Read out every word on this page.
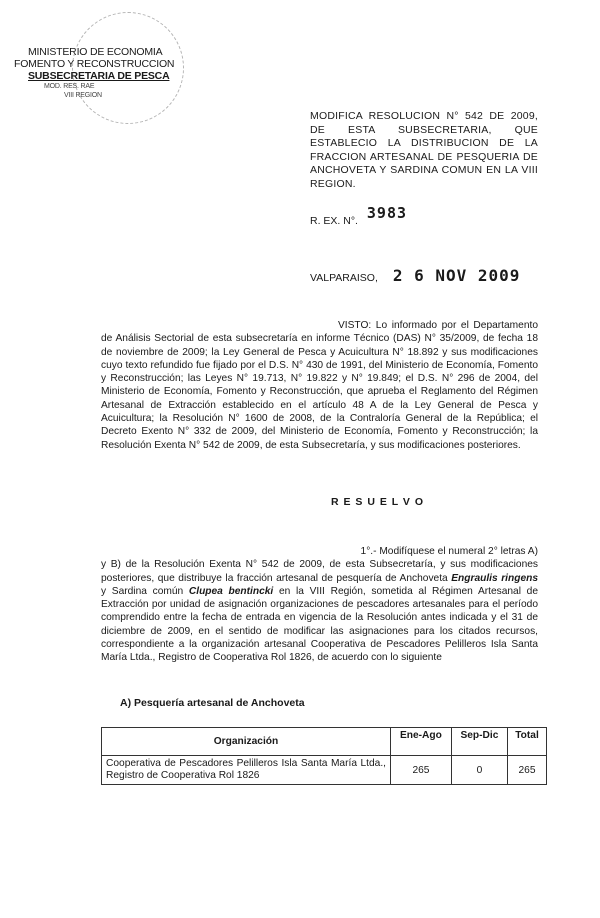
MINISTERIO DE ECONOMIA
FOMENTO Y RECONSTRUCCION
SUBSECRETARIA DE PESCA
MOD. RES. RAE
VIII REGION
MODIFICA RESOLUCION N° 542 DE 2009, DE ESTA SUBSECRETARIA, QUE ESTABLECIO LA DISTRIBUCION DE LA FRACCION ARTESANAL DE PESQUERIA DE ANCHOVETA Y SARDINA COMUN EN LA VIII REGION.
R. EX. N°. 3983
VALPARAISO, 2 6 NOV 2009
VISTO: Lo informado por el Departamento de Análisis Sectorial de esta subsecretaría en informe Técnico (DAS) N° 35/2009, de fecha 18 de noviembre de 2009; la Ley General de Pesca y Acuicultura N° 18.892 y sus modificaciones cuyo texto refundido fue fijado por el D.S. N° 430 de 1991, del Ministerio de Economía, Fomento y Reconstrucción; las Leyes N° 19.713, N° 19.822 y N° 19.849; el D.S. N° 296 de 2004, del Ministerio de Economía, Fomento y Reconstrucción, que aprueba el Reglamento del Régimen Artesanal de Extracción establecido en el artículo 48 A de la Ley General de Pesca y Acuicultura; la Resolución N° 1600 de 2008, de la Contraloría General de la República; el Decreto Exento N° 332 de 2009, del Ministerio de Economía, Fomento y Reconstrucción; la Resolución Exenta N° 542 de 2009, de esta Subsecretaría, y sus modificaciones posteriores.
R E S U E L V O
1°.- Modifíquese el numeral 2° letras A)
y B) de la Resolución Exenta N° 542 de 2009, de esta Subsecretaría, y sus modificaciones posteriores, que distribuye la fracción artesanal de pesquería de Anchoveta Engraulis ringens y Sardina común Clupea bentincki en la VIII Región, sometida al Régimen Artesanal de Extracción por unidad de asignación organizaciones de pescadores artesanales para el período comprendido entre la fecha de entrada en vigencia de la Resolución antes indicada y el 31 de diciembre de 2009, en el sentido de modificar las asignaciones para los citados recursos, correspondiente a la organización artesanal Cooperativa de Pescadores Pelilleros Isla Santa María Ltda., Registro de Cooperativa Rol 1826, de acuerdo con lo siguiente
A) Pesquería artesanal de Anchoveta
Organización	Ene-Ago	Sep-Dic	Total
Cooperativa de Pescadores Pelilleros Isla Santa María Ltda., Registro de Cooperativa Rol 1826	265	0	265
